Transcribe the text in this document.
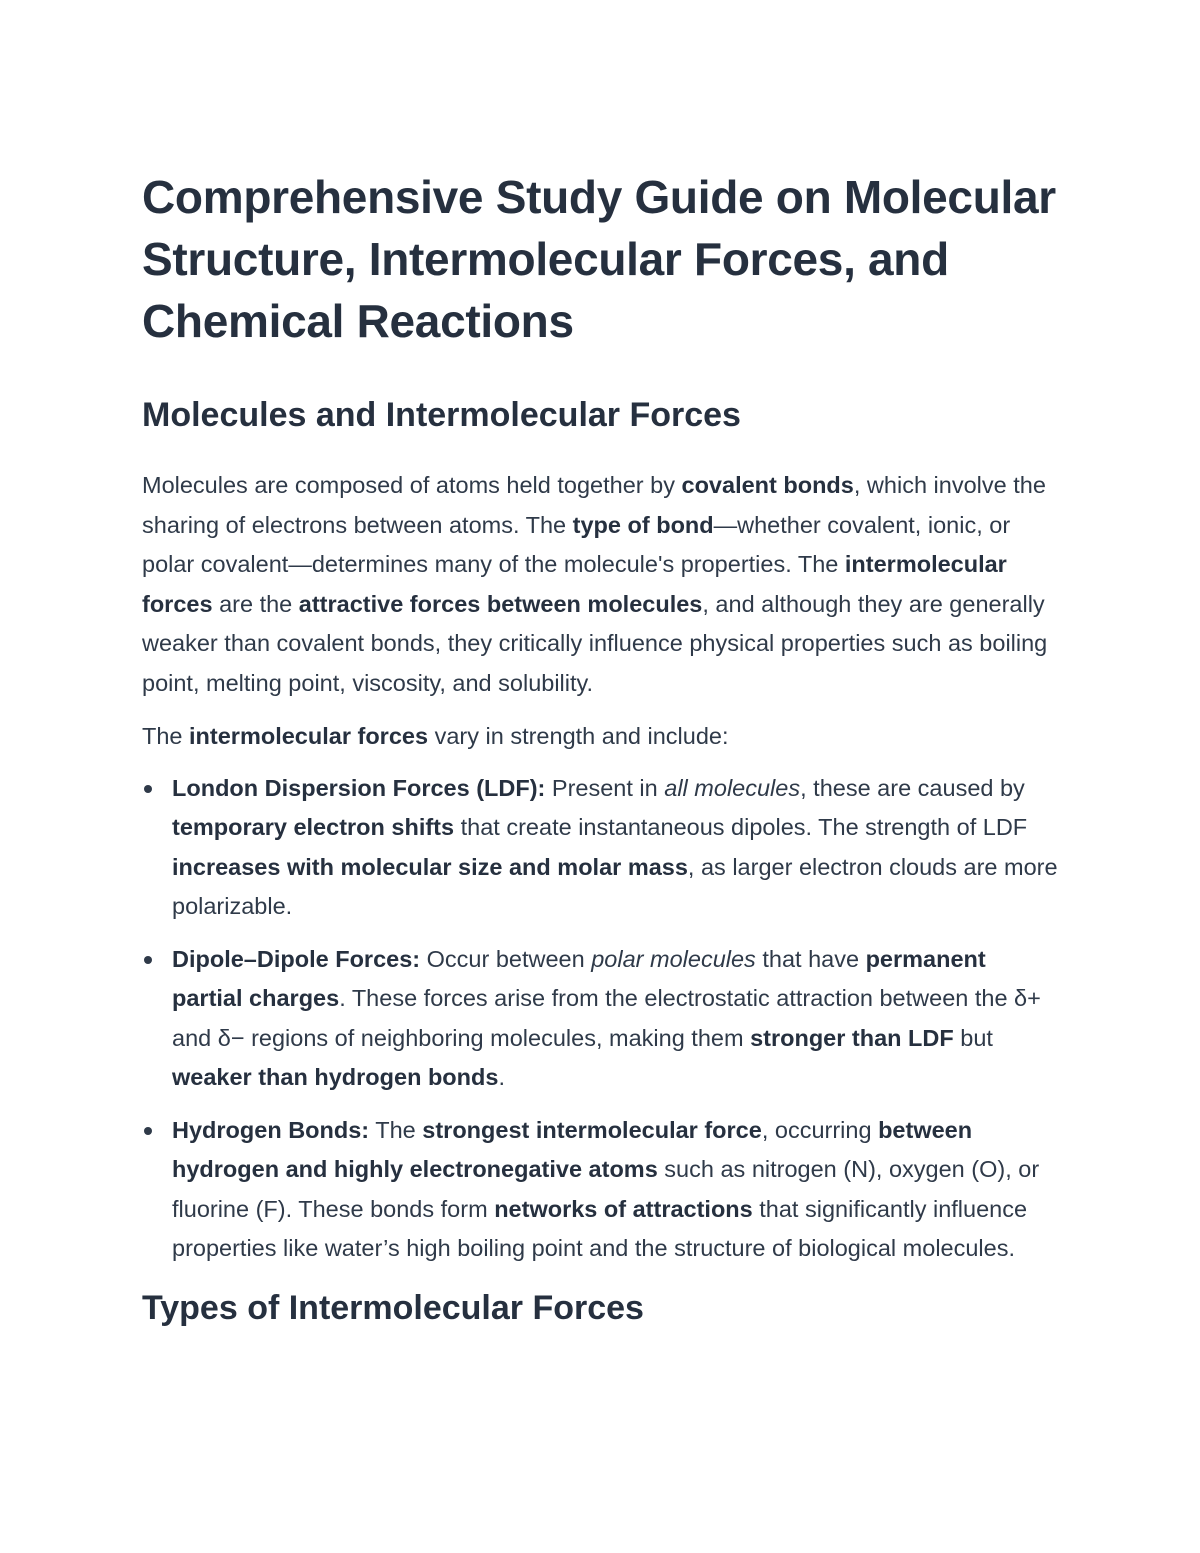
Comprehensive Study Guide on Molecular Structure, Intermolecular Forces, and Chemical Reactions
Molecules and Intermolecular Forces

Molecules are composed of atoms held together by covalent bonds, which involve the sharing of electrons between atoms. The type of bond—whether covalent, ionic, or polar covalent—determines many of the molecule's properties. The intermolecular forces are the attractive forces between molecules, and although they are generally weaker than covalent bonds, they critically influence physical properties such as boiling point, melting point, viscosity, and solubility.

The intermolecular forces vary in strength and include:

London Dispersion Forces (LDF): Present in all molecules, these are caused by temporary electron shifts that create instantaneous dipoles. The strength of LDF increases with molecular size and molar mass, as larger electron clouds are more polarizable.
Dipole–Dipole Forces: Occur between polar molecules that have permanent partial charges. These forces arise from the electrostatic attraction between the δ+ and δ− regions of neighboring molecules, making them stronger than LDF but weaker than hydrogen bonds.
Hydrogen Bonds: The strongest intermolecular force, occurring between hydrogen and highly electronegative atoms such as nitrogen (N), oxygen (O), or fluorine (F). These bonds form networks of attractions that significantly influence properties like water’s high boiling point and the structure of biological molecules.
Types of Intermolecular Forces
